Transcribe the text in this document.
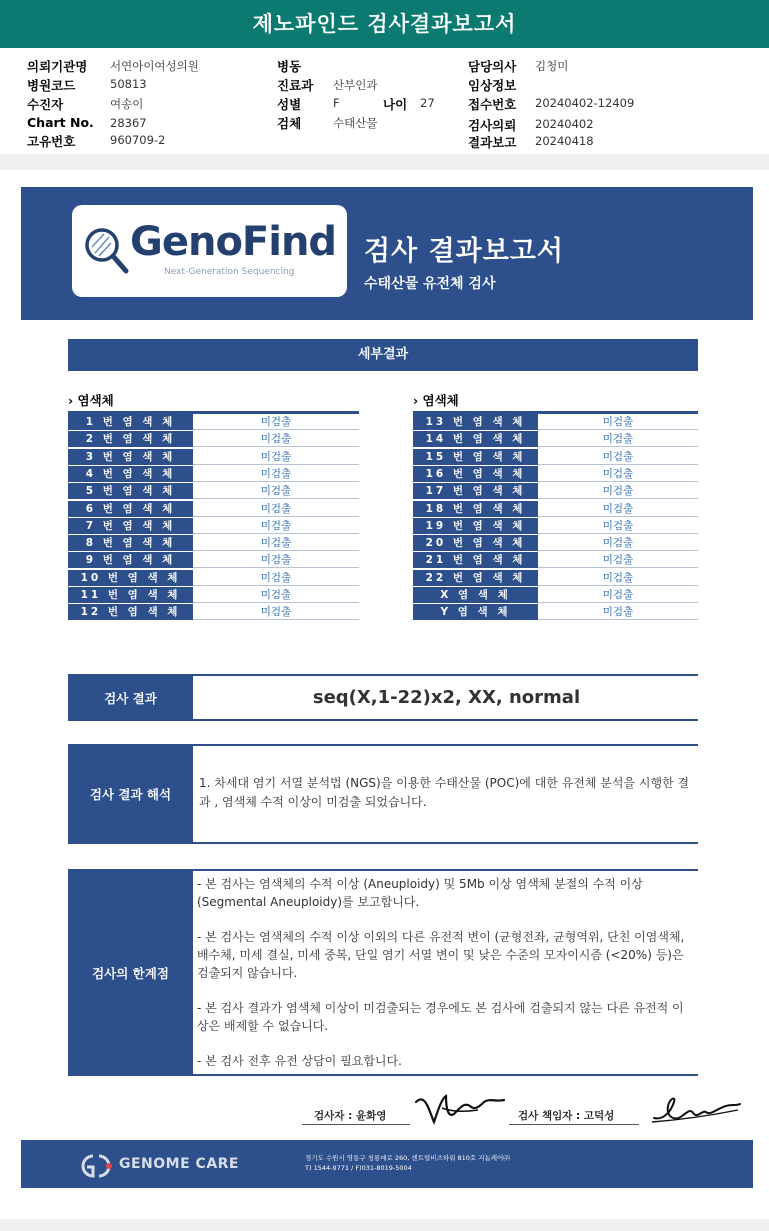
제노파인드 검사결과보고서
의뢰기관명 서연아이여성의원
병원코드	50813
수진자	여송이
Chart No. 28367
고유번호	960709-2
병동
진료과 산부인과
성별	F	나이 27
검체	수태산물
담당의사 김청미
임상정보
접수번호 20240402-12409
검사의뢰 20240402
결과보고 20240418
GenoFind
Next-Generation Sequencing
검사 결과보고서
수태산물 유전체 검사
세부결과
› 염색체	› 염색체
1 번 염 색 체	미검출
2 번 염 색 체	미검출
3 번 염 색 체	미검출
4 번 염 색 체	미검출
5 번 염 색 체	미검출
6 번 염 색 체	미검출
7 번 염 색 체	미검출
8 번 염 색 체	미검출
9 번 염 색 체	미검출
10 번 염 색 체	미검출
11 번 염 색 체	미검출
12 번 염 색 체	미검출
13 번 염 색 체	미검출
14 번 염 색 체	미검출
15 번 염 색 체	미검출
16 번 염 색 체	미검출
17 번 염 색 체	미검출
18 번 염 색 체	미검출
19 번 염 색 체	미검출
20 번 염 색 체	미검출
21 번 염 색 체	미검출
22 번 염 색 체	미검출
X 염 색 체	미검출
Y 염 색 체	미검출
검사 결과	seq(X,1-22)x2, XX, normal
검사 결과 해석
1. 차세대 염기 서열 분석법 (NGS)을 이용한 수태산물 (POC)에 대한 유전체 분석을 시행한 결과 , 염색체 수적 이상이 미검출 되었습니다.
검사의 한계점

- 본 검사는 염색체의 수적 이상 (Aneuploidy) 및 5Mb 이상 염색체 분절의 수적 이상 (Segmental Aneuploidy)를 보고합니다.

- 본 검사는 염색체의 수적 이상 이외의 다른 유전적 변이 (균형전좌, 균형역위, 단친 이염색체, 배수체, 미세 결실, 미세 중복, 단일 염기 서열 변이 및 낮은 수준의 모자이시즘 (<20%) 등)은 검출되지 않습니다.

- 본 검사 결과가 염색체 이상이 미검출되는 경우에도 본 검사에 검출되지 않는 다른 유전적 이상은 배제할 수 없습니다.

- 본 검사 전후 유전 상담이 필요합니다.

검사자 : 윤화영	검사 책임자 : 고덕성
GENOME CARE	경기도 수원시 영통구 청룡매로 260, 센트럴비즈하워 810호 지놈케어㈜
T) 1544-9771 / F)031-8019-5004
